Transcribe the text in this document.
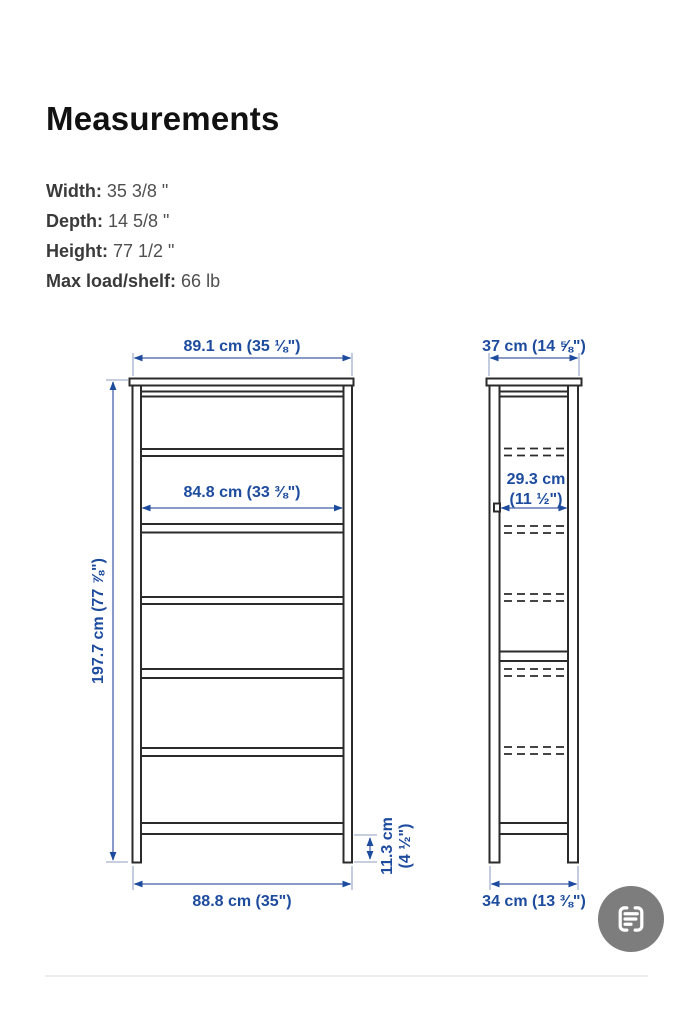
Measurements
Width: 35 3/8 "
Depth: 14 5/8 "
Height: 77 1/2 "
Max load/shelf: 66 lb
89.1 cm (35 ⅛")
197.7 cm (77 ⅞")
84.8 cm (33 ⅜")
88.8 cm (35")
11.3 cm (4 ½")
37 cm (14 ⅝")
29.3 cm
(11 ½")
34 cm (13 ⅜")
